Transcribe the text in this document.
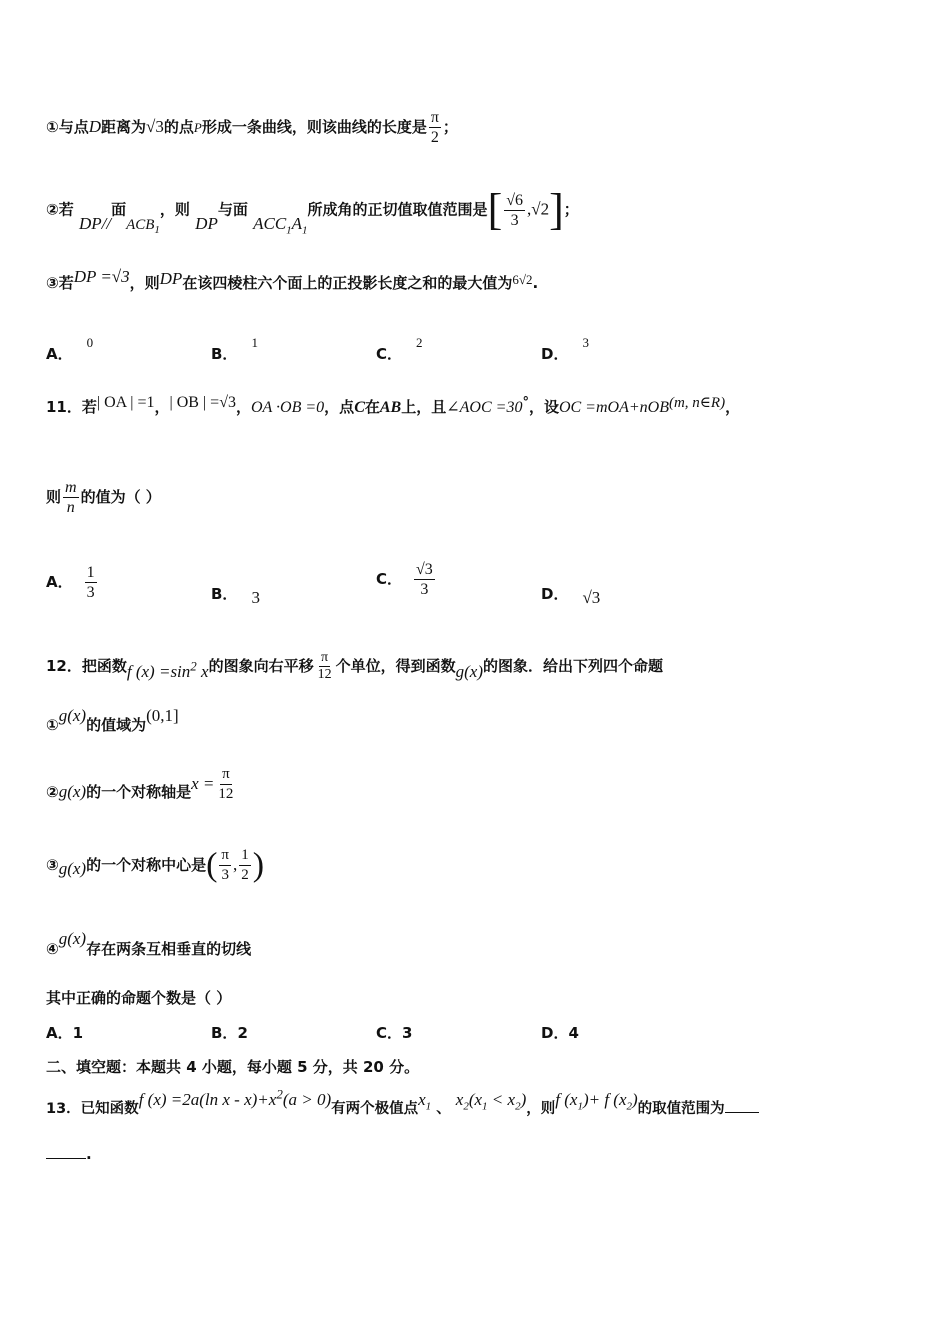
①与点D距离为√3的点P形成一条曲线，则该曲线的长度是 $\frac{\pi}{2}$ ；
②若 DP//面$ACB_1$，则 DP与面 $ACC_1A_1$所成角的正切值取值范围是[ $\frac{√6}{3} ,√2$]；
③若DP =√3，则DP在该四棱柱六个面上的正投影长度之和的最大值为6√2.
A．0
B．1
C．2
D．3
11．若| OA | =1，| OB | =√3，OA ·OB =0，点C在AB上，且∠AOC =30°，设OC =mOA+nOB(m, n∈R)，
则 $\frac{m}{n}$ 的值为（ ）
A． $\frac{1}{3}$	B． 3
C． $\frac{√3}{3}$	D． √3
12．把函数f $(x) =\sin^2$ x的图象向右平移 $\frac{\pi}{12}$ 个单位，得到函数g(x)的图象．给出下列四个命题
①g(x)的值域为(0,1]
②g(x)的一个对称轴是$x = \frac{\pi}{12}$
③g(x)的一个对称中心是( $\frac{\pi}{3}$ , $\frac{1}{2}$ )
④g(x)存在两条互相垂直的切线
其中正确的命题个数是（ ）
A．1	B．2	C．3	D．4
二、填空题：本题共 4 小题，每小题 5 分，共 20 分。
13．已知函数f (x) =2a(ln $x - x)+x^2(a > 0)$有两个极值点$x_1$ 、 $x_2(x_1 < x_2)$，则f $(x_1)+ f$ $(x_2)$的取值范围为
.
